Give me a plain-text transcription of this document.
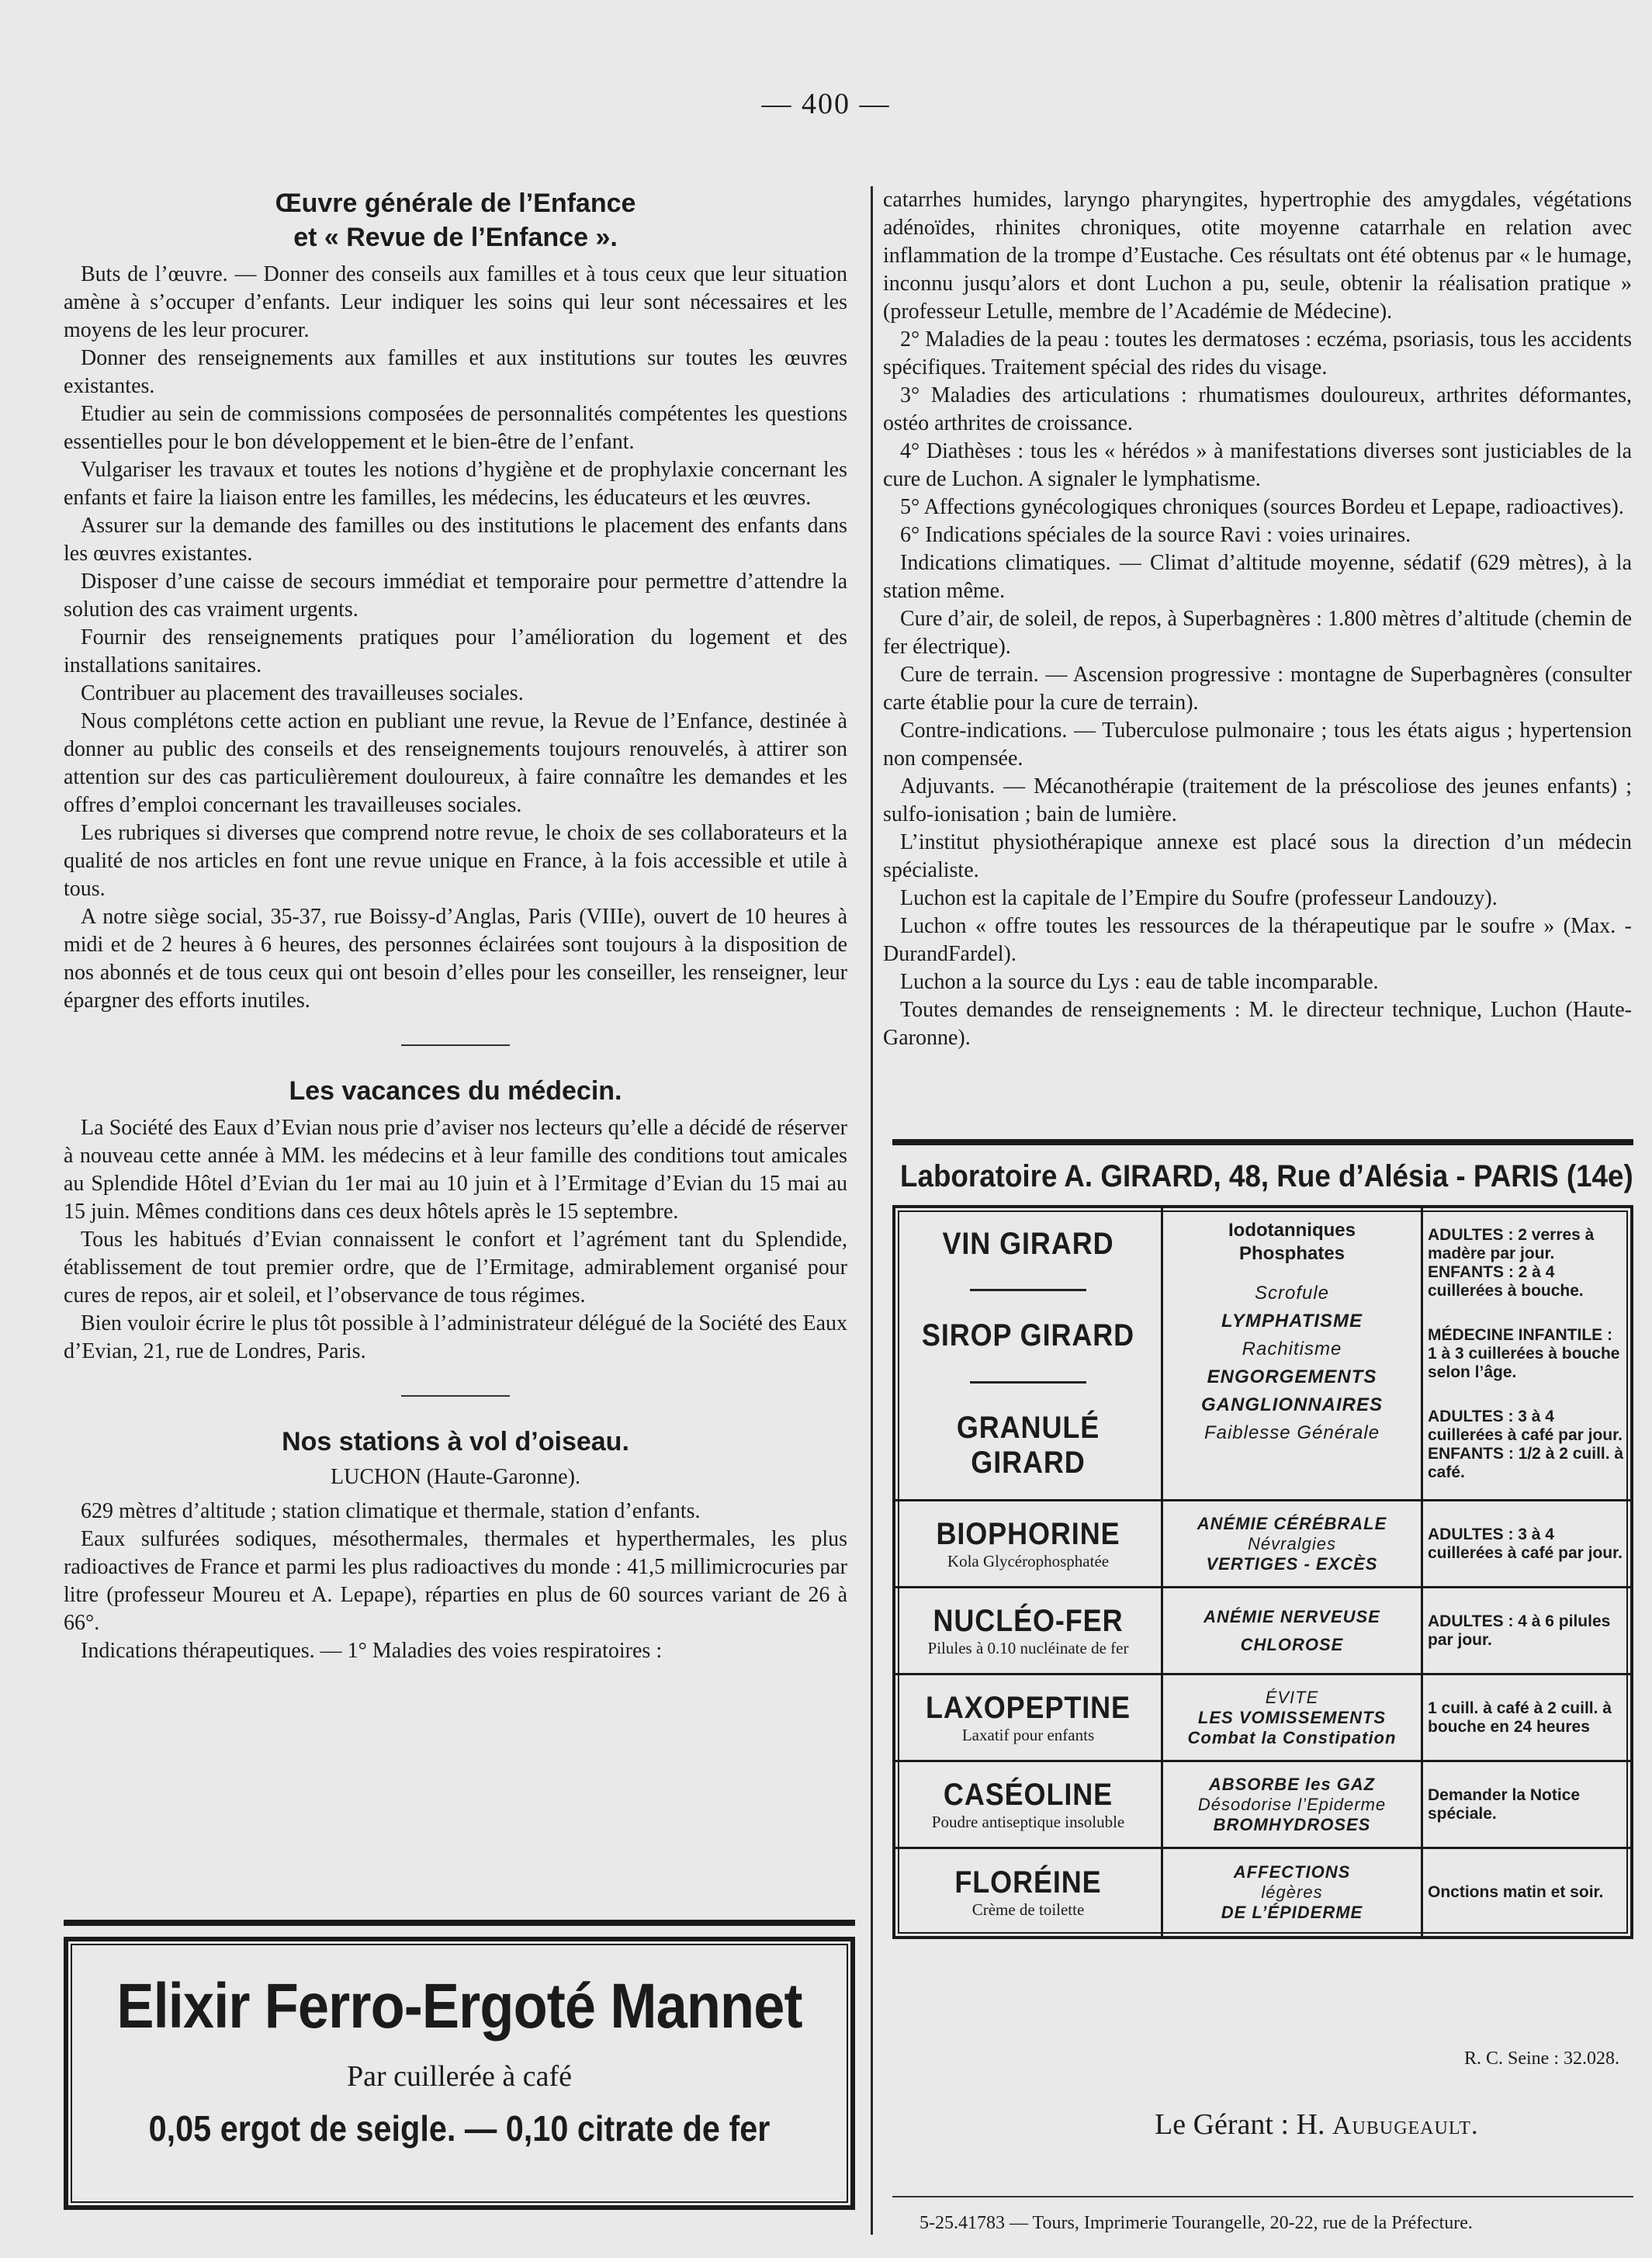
— 400 —
Œuvre générale de l’Enfance
et « Revue de l’Enfance ».

Buts de l’œuvre. — Donner des conseils aux familles et à tous ceux que leur situation amène à s’occuper d’enfants. Leur indiquer les soins qui leur sont nécessaires et les moyens de les leur procurer.

Donner des renseignements aux familles et aux institutions sur toutes les œuvres existantes.

Etudier au sein de commissions composées de personnalités compétentes les questions essentielles pour le bon développement et le bien-être de l’enfant.

Vulgariser les travaux et toutes les notions d’hygiène et de prophylaxie concernant les enfants et faire la liaison entre les familles, les médecins, les éducateurs et les œuvres.

Assurer sur la demande des familles ou des institutions le placement des enfants dans les œuvres existantes.

Disposer d’une caisse de secours immédiat et temporaire pour permettre d’attendre la solution des cas vraiment urgents.

Fournir des renseignements pratiques pour l’amélioration du logement et des installations sanitaires.

Contribuer au placement des travailleuses sociales.

Nous complétons cette action en publiant une revue, la Revue de l’Enfance, destinée à donner au public des conseils et des renseignements toujours renouvelés, à attirer son attention sur des cas particulièrement douloureux, à faire connaître les demandes et les offres d’emploi concernant les travailleuses sociales.

Les rubriques si diverses que comprend notre revue, le choix de ses collaborateurs et la qualité de nos articles en font une revue unique en France, à la fois accessible et utile à tous.

A notre siège social, 35-37, rue Boissy-d’Anglas, Paris (VIIIe), ouvert de 10 heures à midi et de 2 heures à 6 heures, des personnes éclairées sont toujours à la disposition de nos abonnés et de tous ceux qui ont besoin d’elles pour les conseiller, les renseigner, leur épargner des efforts inutiles.

Les vacances du médecin.

La Société des Eaux d’Evian nous prie d’aviser nos lecteurs qu’elle a décidé de réserver à nouveau cette année à MM. les médecins et à leur famille des conditions tout amicales au Splendide Hôtel d’Evian du 1er mai au 10 juin et à l’Ermitage d’Evian du 15 mai au 15 juin. Mêmes conditions dans ces deux hôtels après le 15 septembre.

Tous les habitués d’Evian connaissent le confort et l’agrément tant du Splendide, établissement de tout premier ordre, que de l’Ermitage, admirablement organisé pour cures de repos, air et soleil, et l’observance de tous régimes.

Bien vouloir écrire le plus tôt possible à l’administrateur délégué de la Société des Eaux d’Evian, 21, rue de Londres, Paris.

Nos stations à vol d’oiseau.
LUCHON (Haute-Garonne).

629 mètres d’altitude ; station climatique et thermale, station d’enfants.

Eaux sulfurées sodiques, mésothermales, thermales et hyperthermales, les plus radioactives de France et parmi les plus radioactives du monde : 41,5 millimicrocuries par litre (professeur Moureu et A. Lepape), réparties en plus de 60 sources variant de 26 à 66°.

Indications thérapeutiques. — 1° Maladies des voies respiratoires :

Elixir Ferro-Ergoté Mannet
Par cuillerée à café
0,05 ergot de seigle. — 0,10 citrate de fer

catarrhes humides, laryngo pharyngites, hypertrophie des amygdales, végétations adénoïdes, rhinites chroniques, otite moyenne catarrhale en relation avec inflammation de la trompe d’Eustache. Ces résultats ont été obtenus par « le humage, inconnu jusqu’alors et dont Luchon a pu, seule, obtenir la réalisation pratique » (professeur Letulle, membre de l’Académie de Médecine).

2° Maladies de la peau : toutes les dermatoses : eczéma, psoriasis, tous les accidents spécifiques. Traitement spécial des rides du visage.

3° Maladies des articulations : rhumatismes douloureux, arthrites déformantes, ostéo arthrites de croissance.

4° Diathèses : tous les « hérédos » à manifestations diverses sont justiciables de la cure de Luchon. A signaler le lymphatisme.

5° Affections gynécologiques chroniques (sources Bordeu et Lepape, radioactives).

6° Indications spéciales de la source Ravi : voies urinaires.

Indications climatiques. — Climat d’altitude moyenne, sédatif (629 mètres), à la station même.

Cure d’air, de soleil, de repos, à Superbagnères : 1.800 mètres d’altitude (chemin de fer électrique).

Cure de terrain. — Ascension progressive : montagne de Superbagnères (consulter carte établie pour la cure de terrain).

Contre-indications. — Tuberculose pulmonaire ; tous les états aigus ; hypertension non compensée.

Adjuvants. — Mécanothérapie (traitement de la préscoliose des jeunes enfants) ; sulfo-ionisation ; bain de lumière.

L’institut physiothérapique annexe est placé sous la direction d’un médecin spécialiste.

Luchon est la capitale de l’Empire du Soufre (professeur Landouzy).

Luchon « offre toutes les ressources de la thérapeutique par le soufre » (Max. -DurandFardel).

Luchon a la source du Lys : eau de table incomparable.

Toutes demandes de renseignements : M. le directeur technique, Luchon (Haute-Garonne).

Laboratoire A. GIRARD, 48, Rue d’Alésia - PARIS (14e)
VIN GIRARD
SIROP GIRARD
GRANULÉ GIRARD
Iodotanniques
Phosphates
Scrofule
LYMPHATISME
Rachitisme
ENGORGEMENTS
GANGLIONNAIRES
Faiblesse Générale
ADULTES : 2 verres à madère par jour. ENFANTS : 2 à 4 cuillerées à bouche.
MÉDECINE INFANTILE : 1 à 3 cuillerées à bouche selon l’âge.
ADULTES : 3 à 4 cuillerées à café par jour. ENFANTS : 1/2 à 2 cuill. à café.
BIOPHORINE
Kola Glycérophosphatée
ANÉMIE CÉRÉBRALE
Névralgies
VERTIGES - EXCÈS
ADULTES : 3 à 4 cuillerées à café par jour.
NUCLÉO-FER
Pilules à 0.10 nucléinate de fer
ANÉMIE NERVEUSE
CHLOROSE
ADULTES : 4 à 6 pilules par jour.
LAXOPEPTINE
Laxatif pour enfants
ÉVITE
LES VOMISSEMENTS
Combat la Constipation
1 cuill. à café à 2 cuill. à bouche en 24 heures
CASÉOLINE
Poudre antiseptique insoluble
ABSORBE les GAZ
Désodorise l’Epiderme
BROMHYDROSES
Demander la Notice spéciale.
FLORÉINE
Crème de toilette
AFFECTIONS
légères
DE L’ÉPIDERME
Onctions matin et soir.
R. C. Seine : 32.028.
Le Gérant : H. Aubugeault.
5-25.41783 — Tours, Imprimerie Tourangelle, 20-22, rue de la Préfecture.
